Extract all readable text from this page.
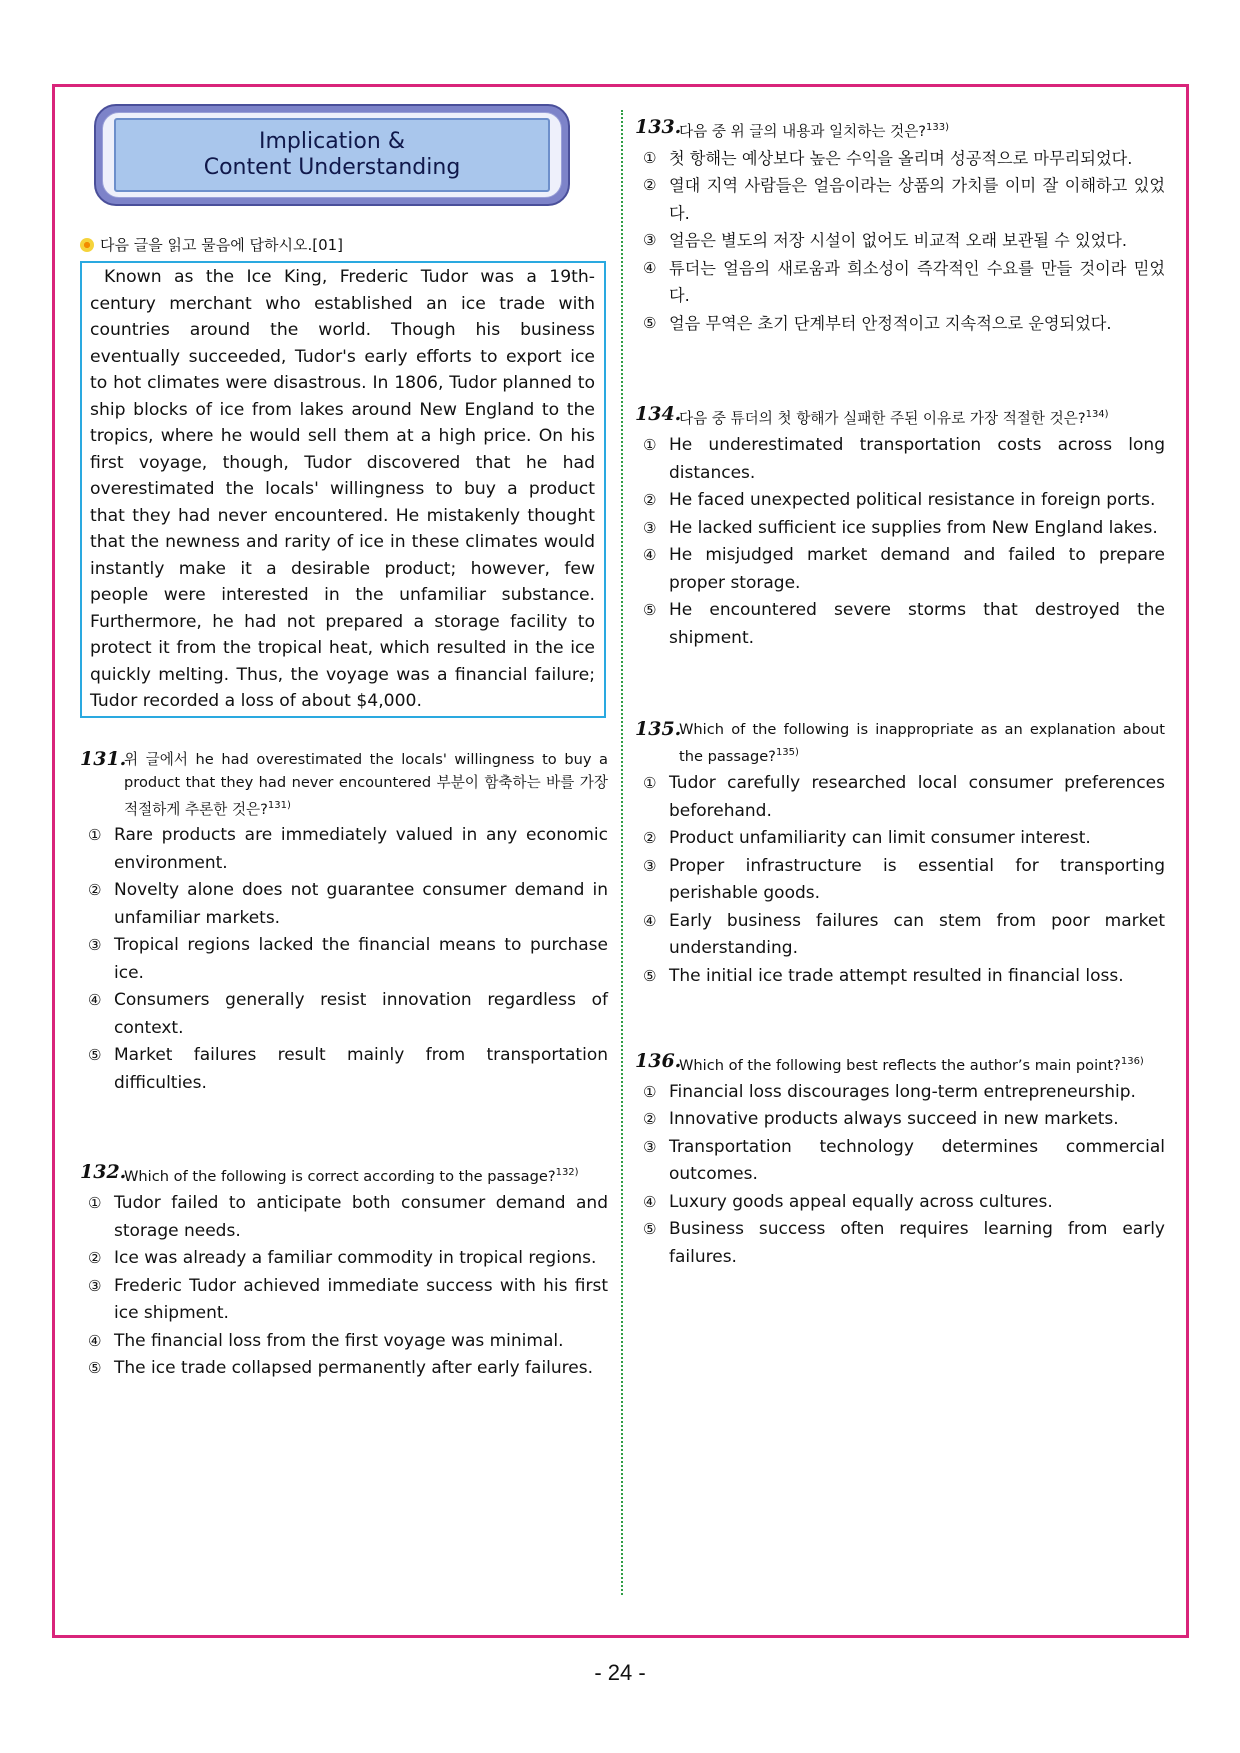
Implication &
Content Understanding
다음 글을 읽고 물음에 답하시오.[01]
Known as the Ice King, Frederic Tudor was a 19th-century merchant who established an ice trade with countries around the world. Though his business eventually succeeded, Tudor's early efforts to export ice to hot climates were disastrous. In 1806, Tudor planned to ship blocks of ice from lakes around New England to the tropics, where he would sell them at a high price. On his first voyage, though, Tudor discovered that he had overestimated the locals' willingness to buy a product that they had never encountered. He mistakenly thought that the newness and rarity of ice in these climates would instantly make it a desirable product; however, few people were interested in the unfamiliar substance. Furthermore, he had not prepared a storage facility to protect it from the tropical heat, which resulted in the ice quickly melting. Thus, the voyage was a financial failure; Tudor recorded a loss of about $4,000.
131.
위 글에서 he had overestimated the locals' willingness to buy a product that they had never encountered 부분이 함축하는 바를 가장 적절하게 추론한 것은?$^{131)}$
① Rare products are immediately valued in any economic environment.
② Novelty alone does not guarantee consumer demand in unfamiliar markets.
③ Tropical regions lacked the financial means to purchase ice.
④ Consumers generally resist innovation regardless of context.
⑤ Market failures result mainly from transportation difficulties.
132.
Which of the following is correct according to the passage?$^{132)}$
① Tudor failed to anticipate both consumer demand and storage needs.
② Ice was already a familiar commodity in tropical regions.
③ Frederic Tudor achieved immediate success with his first ice shipment.
④ The financial loss from the first voyage was minimal.
⑤ The ice trade collapsed permanently after early failures.
133.
다음 중 위 글의 내용과 일치하는 것은?$^{133)}$
① 첫 항해는 예상보다 높은 수익을 올리며 성공적으로 마무리되었다.
② 열대 지역 사람들은 얼음이라는 상품의 가치를 이미 잘 이해하고 있었다.
③ 얼음은 별도의 저장 시설이 없어도 비교적 오래 보관될 수 있었다.
④ 튜더는 얼음의 새로움과 희소성이 즉각적인 수요를 만들 것이라 믿었다.
⑤ 얼음 무역은 초기 단계부터 안정적이고 지속적으로 운영되었다.
134.
다음 중 튜더의 첫 항해가 실패한 주된 이유로 가장 적절한 것은?$^{134)}$
① He underestimated transportation costs across long distances.
② He faced unexpected political resistance in foreign ports.
③ He lacked sufficient ice supplies from New England lakes.
④ He misjudged market demand and failed to prepare proper storage.
⑤ He encountered severe storms that destroyed the shipment.
135.
Which of the following is inappropriate as an explanation about the passage?$^{135)}$
① Tudor carefully researched local consumer preferences beforehand.
② Product unfamiliarity can limit consumer interest.
③ Proper infrastructure is essential for transporting perishable goods.
④ Early business failures can stem from poor market understanding.
⑤ The initial ice trade attempt resulted in financial loss.
136.
Which of the following best reflects the author’s main point?$^{136)}$
① Financial loss discourages long-term entrepreneurship.
② Innovative products always succeed in new markets.
③ Transportation technology determines commercial outcomes.
④ Luxury goods appeal equally across cultures.
⑤ Business success often requires learning from early failures.
- 24 -
